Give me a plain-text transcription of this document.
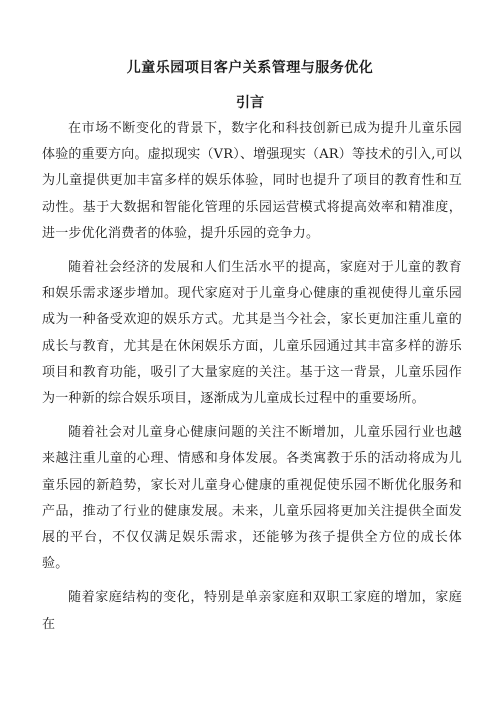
儿童乐园项目客户关系管理与服务优化
引言

在市场不断变化的背景下，数字化和科技创新已成为提升儿童乐园体验的重要方向。虚拟现实（VR）、增强现实（AR）等技术的引入,可以为儿童提供更加丰富多样的娱乐体验，同时也提升了项目的教育性和互动性。基于大数据和智能化管理的乐园运营模式将提高效率和精准度，进一步优化消费者的体验，提升乐园的竞争力。

随着社会经济的发展和人们生活水平的提高，家庭对于儿童的教育和娱乐需求逐步增加。现代家庭对于儿童身心健康的重视使得儿童乐园成为一种备受欢迎的娱乐方式。尤其是当今社会，家长更加注重儿童的成长与教育，尤其是在休闲娱乐方面，儿童乐园通过其丰富多样的游乐项目和教育功能，吸引了大量家庭的关注。基于这一背景，儿童乐园作为一种新的综合娱乐项目，逐渐成为儿童成长过程中的重要场所。

随着社会对儿童身心健康问题的关注不断增加，儿童乐园行业也越来越注重儿童的心理、情感和身体发展。各类寓教于乐的活动将成为儿童乐园的新趋势，家长对儿童身心健康的重视促使乐园不断优化服务和产品，推动了行业的健康发展。未来，儿童乐园将更加关注提供全面发展的平台，不仅仅满足娱乐需求，还能够为孩子提供全方位的成长体验。

随着家庭结构的变化，特别是单亲家庭和双职工家庭的增加，家庭在
